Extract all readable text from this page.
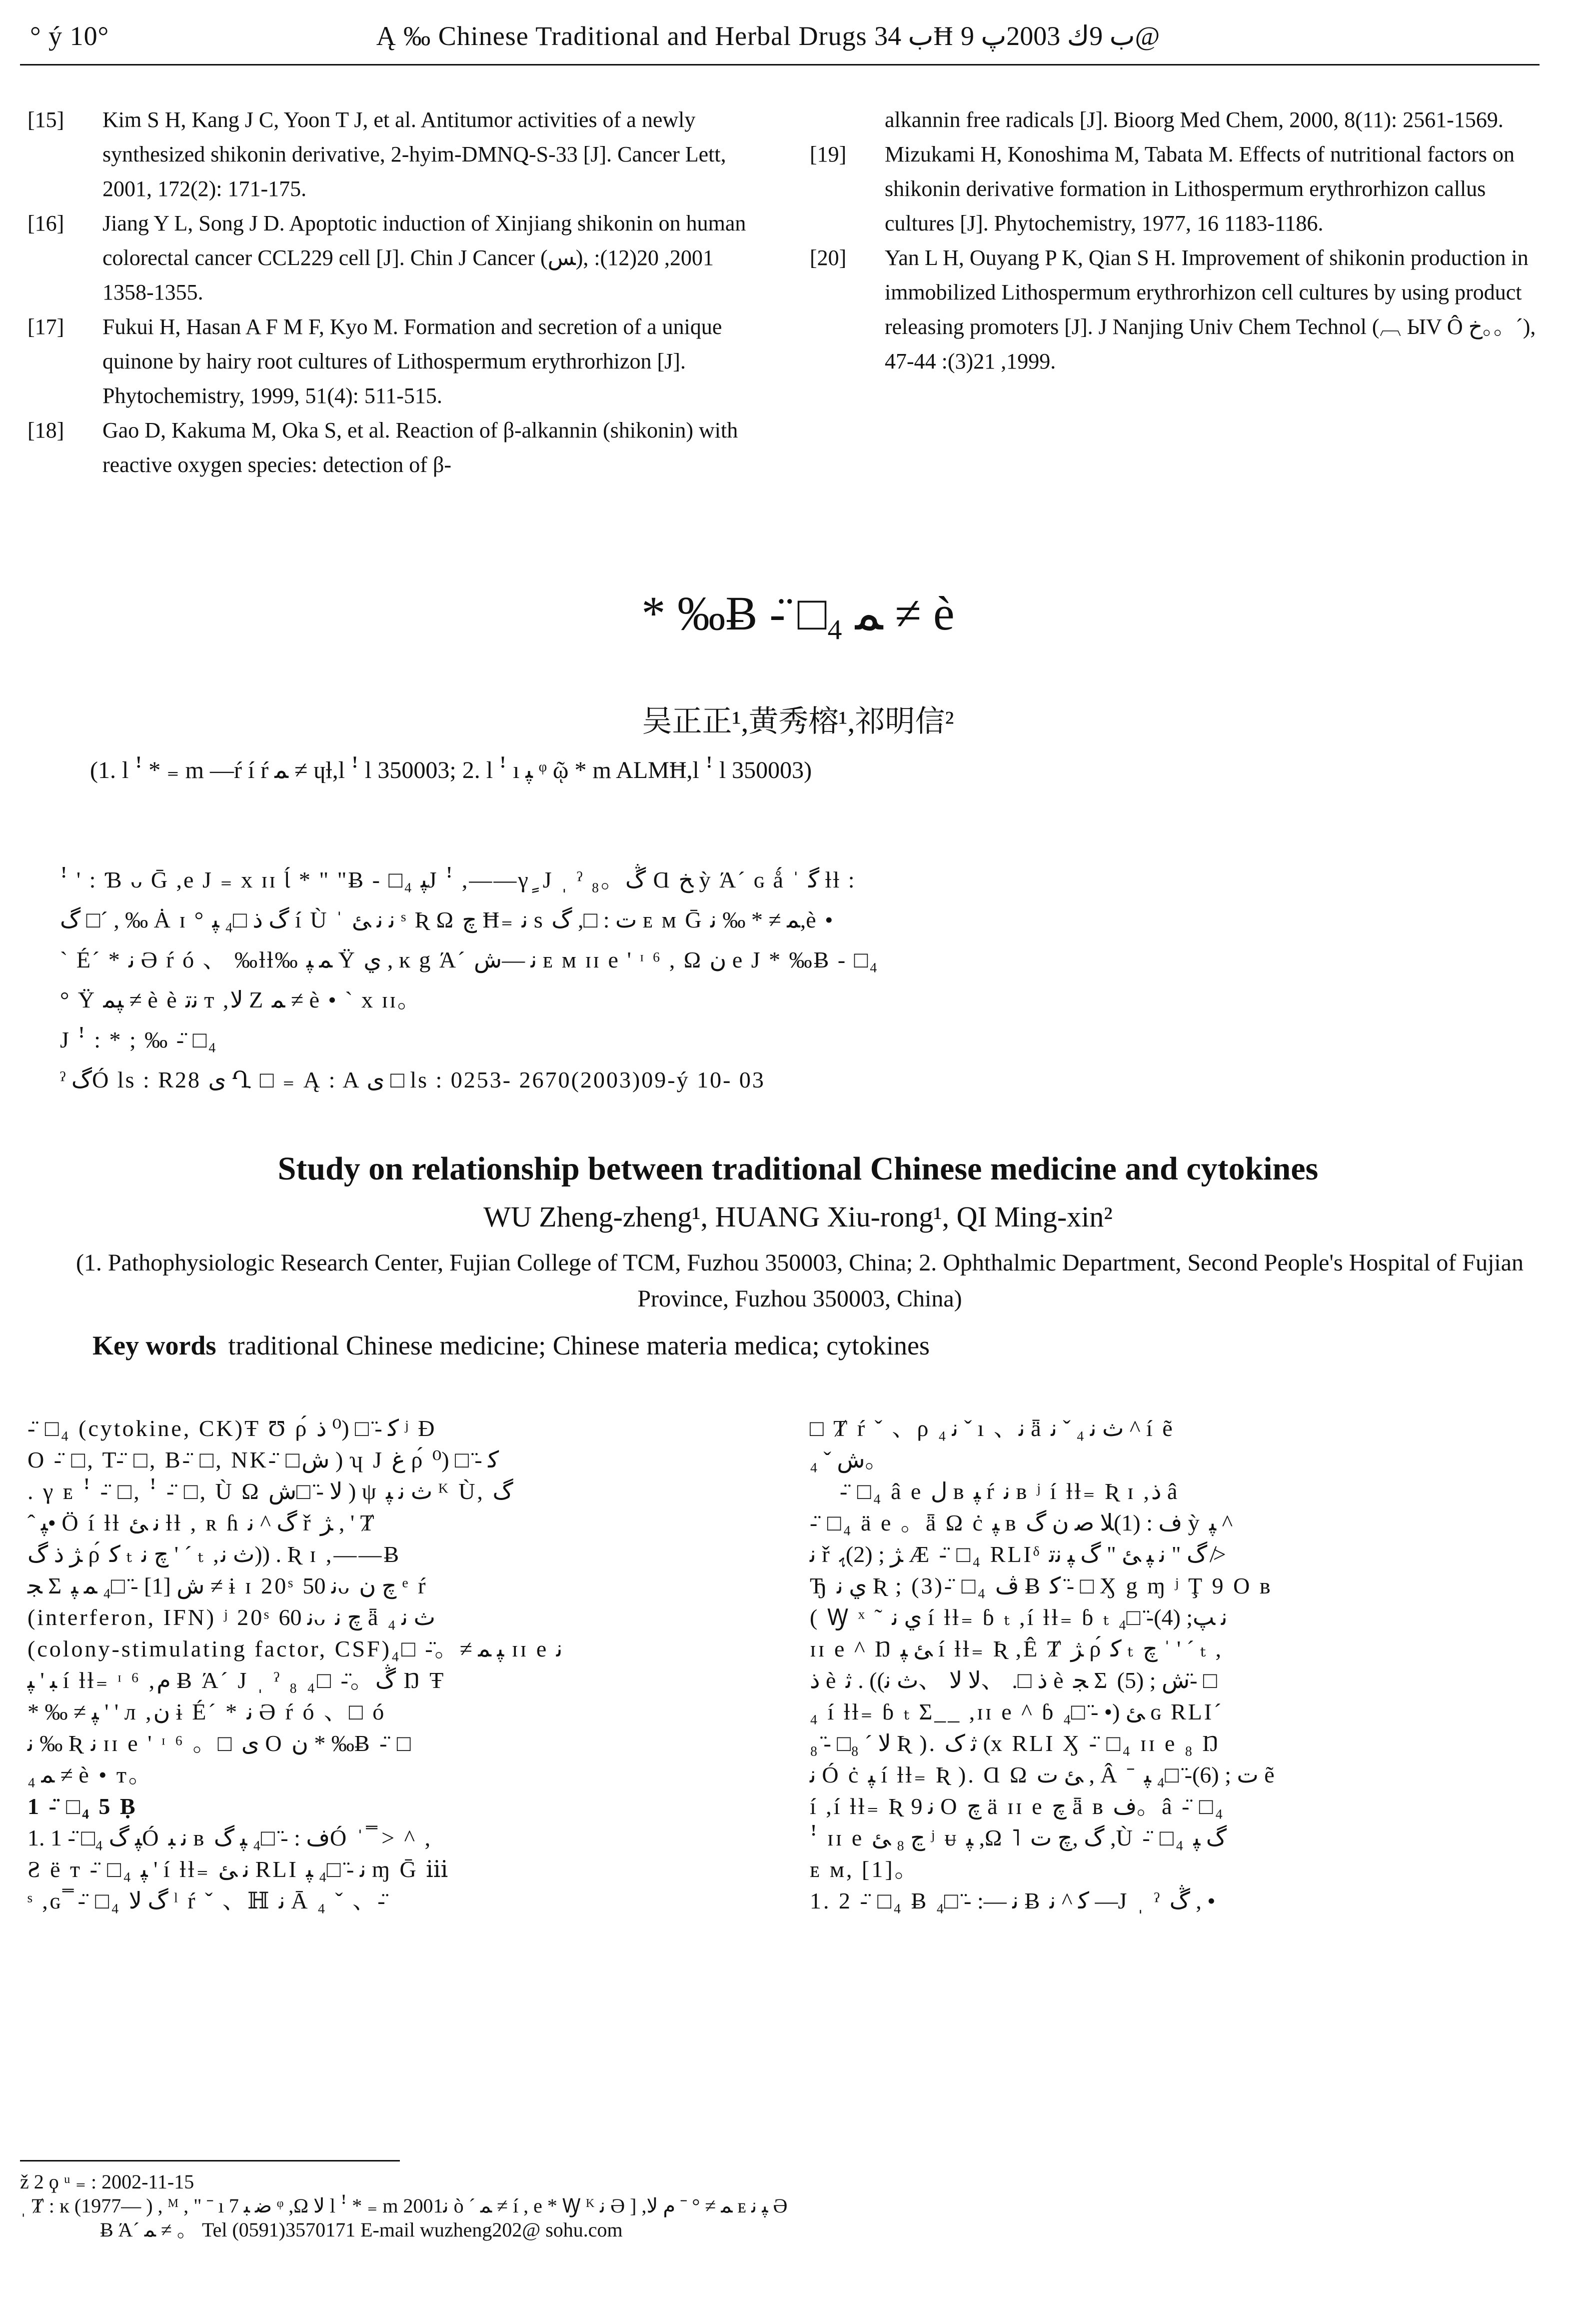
° ý 10°	Ą ‰ Chinese Traditional and Herbal Drugs ب 34Ħ ب 9ك 2003پ 9@
[15] Kim S H, Kang J C, Yoon T J, et al. Antitumor activities of a newly synthesized shikonin derivative, 2-hyim-DMNQ-S-33 [J]. Cancer Lett, 2001, 172(2): 171-175.
[16] Jiang Y L, Song J D. Apoptotic induction of Xinjiang shikonin on human colorectal cancer CCL229 cell [J]. Chin J Cancer (ﺲ), 2001, 20(12): 1355-1358.
[17] Fukui H, Hasan A F M F, Kyo M. Formation and secretion of a unique quinone by hairy root cultures of Lithospermum erythrorhizon [J]. Phytochemistry, 1999, 51(4): 511-515.
[18] Gao D, Kakuma M, Oka S, et al. Reaction of β-alkannin (shikonin) with reactive oxygen species: detection of β-
alkannin free radicals [J]. Bioorg Med Chem, 2000, 8(11): 2561-1569.
[19] Mizukami H, Konoshima M, Tabata M. Effects of nutritional factors on shikonin derivative formation in Lithospermum erythrorhizon callus cultures [J]. Phytochemistry, 1977, 16 1183-1186.
[20] Yan L H, Ouyang P K, Qian S H. Improvement of shikonin production in immobilized Lithospermum erythrorhizon cell cultures by using product releasing promoters [J]. J Nanjing Univ Chem Technol (︹ ЫV Ô خ。。ˊ), 1999, 21(3): 44-47.
* ‰Ƀ -̈ □₄ ﻤ ≠ è
吴正正¹,黄秀榕¹,祁明信²
(1. l ꜝ * ₌ m ―ŕ í ŕ ﻤ ≠ ɥƚ,l ꜝ l 350003; 2. l ꜝ ı ﭙ ᵠ ῷ * m ALMĦ,l ꜝ l 350003)

ꜝ ' : Ɓ ᴗ Ḡ ,e J ₌ x ɪɪ Ɩ́ * " "Ƀ - □₄ ﭙJ ꜝ ,――γ ٍ J ˌ ˀ ڴ。₈ Ɑ ﺦ ỳ Ά´ ɢ ǻ ˈ ﮔ ƚƚ :

ﮒ □´ , ‰ Ȧ ɪ ° ﮒ ﺫ □₄ ﭙ í Ù ˈ ﻧ ﻧ ﺊ ˢ Ʀ Ω ﭺ Ħ₌ ﻧ s ﺕ : □, ﮒ ᴇ ᴍ Ḡ ﻤ ≠ * ‰ ﻧ,è •

` É´ * ﻧ Ə ŕ ó 、 ‰ƚƚ‰ ﻤ ﭙ Ÿ ﻱ , ĸ g Ά´ ﻧ ―ﺵ ᴇ ᴍ ɪɪ e ' ᶦ ⁶ , Ω ﻥ e J * ‰Ƀ - □₄

° Ÿ ﭙﻤ ≠ è è ﻧﺗ ᴛ ,ﻻ Ζ ﻤ ≠ è • ` x ɪɪ。

J ꜝ : * ; ‰ -̈ □₄

ˀ ﮒÓ ls : R28 ﻯ Ղ □ ₌ Ą : A ﻯ □ ls : 0253- 2670(2003)09-ý 10- 03

Study on relationship between traditional Chinese medicine and cytokines
WU Zheng-zheng¹, HUANG Xiu-rong¹, QI Ming-xin²
(1. Pathophysiologic Research Center, Fujian College of TCM, Fuzhou 350003, China; 2. Ophthalmic Department, Second People's Hospital of Fujian Province, Fuzhou 350003, China)
Key words traditional Chinese medicine; Chinese materia medica; cytokines

-̈ □₄ (cytokine, CK)Ŧ Ʊ ρ́ ﮐ -̈ □ (⁰ ﺫ ʲ Ɖ

O -̈ □, T-̈ □, B-̈ □, NK-̈ □ﺵ ) ʮ J ﻍ ρ́ ﮐ -̈ □ (⁰

. γ ᴇ ꜝ -̈ □, ꜝ -̈ □, Ù Ω ﻻ -̈ □ﺵ ) ψ ﺙ ﻧ ﭙ ᴷ Ù, ﮒ

ˆ ﭙ• Ö í ƚƚ ﻧ ﺊ ƚƚ , ʀ ɦ ﮒ ^ ﻧ ř ﮋ , ' Ⱦ

ﮋ ﺫ ﮒ ρ́ ﮐ ₜ ﭺ ﻧ ' ˊ ₜ ,ﺙ ﻧ)) . Ʀ ɪ ,――Ƀ

ﺠ Σ ﺵ [1] -̈ □₄ ﻤ ﭙ ≠ ɨ ɪ 20ˢ ﻧ 50ᴗ ﭺ ﻥ ᵉ ŕ

(interferon, IFN) ʲ 20ˢ ﻧ 60ᴗ ﭺ ﻧ ǟ ﺙ ﻧ ₄

(colony-stimulating factor, CSF)ﭙ ﻤ ≠。-̈ □₄ ɪɪ e ﻧ

ﺒ ' ﭙ í ƚƚ₌ ᶦ ⁶ ,ﻡ Ƀ Ά´ J ˌ ˀ ڴ。-̈ □₄ ₈ Ŋ Ŧ

* ‰ ≠ ﭙ ' ' л ,ﻥ ɨ É´ * ﻧ Ə ŕ ó 、□ ó

ﻧ ‰ Ʀ ﻧ ɪɪ e ' ᶦ ⁶ 。□ ﻯ O ﻥ * ‰Ƀ -̈ □

₄ ﻤ ≠ è • ᴛ。

1 -̈ □₄ 5 Ḅ

1. 1 -̈ □₄ ﭙ ﮒÓ ﻧ ﺒ ʙ ﻑ : -̈ □₄ ﭙ ﮒÓ ˈ ̿ > ^ ,

Ƨ ë ᴛ -̈ □₄ ﭙ ' í ƚƚ₌ ﻧ ﺊ RLI ﻧ -̈ □₄ ﭙ ɱ Ḡ ⅲ

ˢ ,ɢ ̿ -̈ □₄ ﮒ ﻻ ˡ ŕ ˇ 、ℍ ﻧ Ā ₄ ˇ 、-̈

□ Ⱦ ŕ ˇ 、ρ ﻧ ₄ ˇ ı 、ﻧ ǟ ﺙ ﻧ ₄ ˇ ﻧ ^ í ẽ

₄ ˇ ﺵ。

-̈ □₄ â e ﻝ ʙ ﭙ ŕ ﻧ ʙ ʲ í ƚƚ₌ Ʀ ɪ ,ﺫ â

-̈ □₄ ä e 。ǟ Ω ċ ﭙ ʙ ﻑ : (1)ﻼ ﺻ ﻥ ﮒ ỳ ﭙ ^

ﻧ ř ﮋ ; (2)ﮨ Æ -̈ □₄ RLIᵟ ﮒ " ﻧ ﭙ ﺊ " ﮒ ﭙ ﻧﺗ ≯

Ђ ﻱ ﻧ Ʀ ; (3)-̈ □₄ ﭪ Ƀ ﮐ -̈ □ Ӽ g ɱ ʲ Ţ 9 O ʙ

( Ꝡ ˣ ˜ ﻱ ﻧ í ƚƚ₌ ɓ ₜ ,í ƚƚ₌ ɓ ₜ ﻧ ﭗ; (4)-̈ □₄

ɪɪ e ^ Ŋ ﺊ ﭙ í ƚƚ₌ Ʀ ,Ê Ⱦ ﮋ ρ́ ﮐ ₜ ﭺ ˈ ' ˊ ₜ ,

ﺫ è ﺫ □. 、ﻻ ﻻ 、ﺙ ﻧ)) . ﺛ è ﺠ Σ ﺵ ; (5)-̈ □

₄ í ƚƚ₌ ɓ ₜ Σ__ ,ɪɪ e ^ ɓ ﺊ (• -̈ □₄ ɢ RLI´

₈ -̈ □ﻻ ´ ₈ Ʀ ). ﺛ ﮎ (x RLI Ӽ -̈ □₄ ɪɪ e ₈ Ŋ

ﻧ Ó ċ ﭙ í ƚƚ₌ Ʀ ). Ɑ Ω ﺊ ﺕ , Â ˉ ﺕ ; (6)-̈ □₄ ﭙ ẽ

í ,í ƚƚ₌ Ʀ ﻧ 9 O ﭺ ä ɪɪ e ﭺ ǟ ʙ ﻑ。â -̈ □₄

ꜝ ɪɪ e ڃ ₈ ﺊ ʲ ᵾ ﭙ ,Ω ˥ ﮒ ,ﭺ ﺕ ,Ù -̈ □₄ ﮒ ﭙ

ᴇ ᴍ, [1]。

1. 2 -̈ □₄ Ƀ ﻧ ―: -̈ □₄ Ƀ ﮐ ^ ﻧ ―J ˌ ˀ ڴ , •

ž 2 ϙ ᵘ ₌ : 2002-11-15

ˌ Ⱦ : ĸ (1977― ) , ᴹ , " ˉ ı ﺿ ﺒ 7 ᵠ ,Ω ﻻ l ꜝ * ₌ m 2001ﻧ ò ˊ ﻤ ≠ í , e * Ꝡ ᴷ ﻧ Ə ] ,ﻤ ≠ ° ˉ ﻡ ﻻ ᴇ ﭙ ﻧ Ə

Ƀ Ά´ ﻤ ≠ 。 Tel (0591)3570171 E-mail wuzheng202@ sohu.com
